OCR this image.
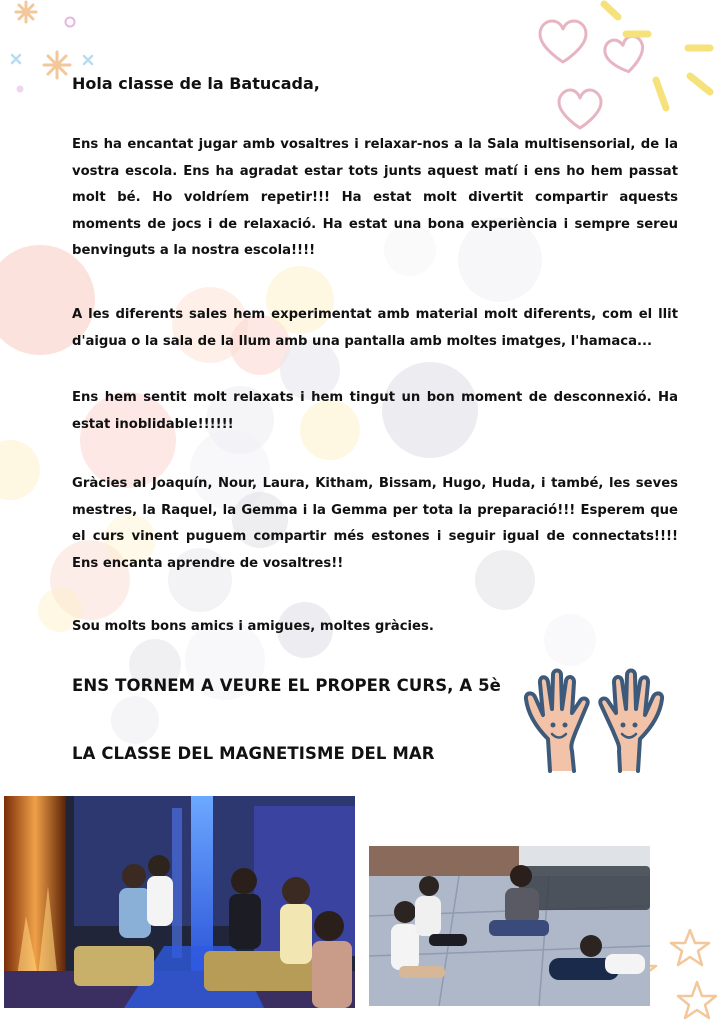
Hola classe de la Batucada,

Ens ha encantat jugar amb vosaltres i relaxar-nos a la Sala multisensorial, de la vostra escola. Ens ha agradat estar tots junts aquest matí i ens ho hem passat molt bé. Ho voldríem repetir!!! Ha estat molt divertit compartir aquests moments de jocs i de relaxació. Ha estat una bona experiència i sempre sereu benvinguts a la nostra escola!!!!

A les diferents sales hem experimentat amb material molt diferents, com el llit d'aigua o la sala de la llum amb una pantalla amb moltes imatges, l'hamaca...

Ens hem sentit molt relaxats i hem tingut un bon moment de desconnexió. Ha estat inoblidable!!!!!!

Gràcies al Joaquín, Nour, Laura, Kitham, Bissam, Hugo, Huda, i també, les seves mestres, la Raquel, la Gemma i la Gemma per tota la preparació!!! Esperem que el curs vinent puguem compartir més estones i seguir igual de connectats!!!! Ens encanta aprendre de vosaltres!!

Sou molts bons amics i amigues, moltes gràcies.

ENS TORNEM A VEURE EL PROPER CURS, A 5è
LA CLASSE DEL MAGNETISME DEL MAR
